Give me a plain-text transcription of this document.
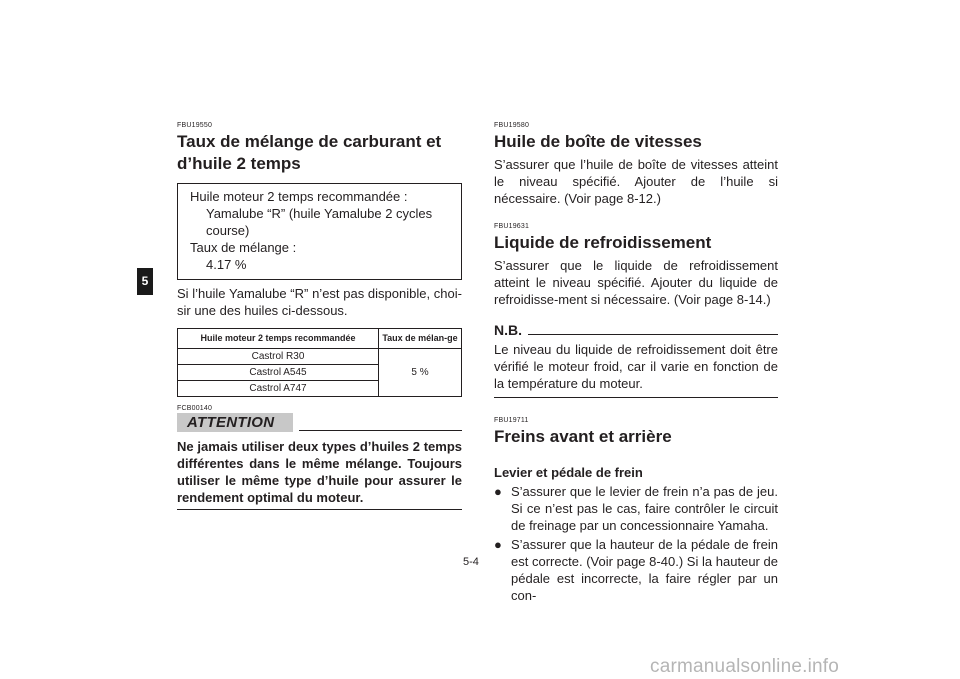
5

FBU19550

Taux de mélange de carburant et d’huile 2 temps
Huile moteur 2 temps recommandée :
Yamalube “R” (huile Yamalube 2 cycles course)
Taux de mélange :
4.17 %

Si l’huile Yamalube “R” n’est pas disponible, choi-sir une des huiles ci-dessous.

Huile moteur 2 temps recommandée	Taux de mélan-ge
Castrol R30	5 %
Castrol A545	
Castrol A747	

FCB00140

ATTENTION
Ne jamais utiliser deux types d’huiles 2 temps différentes dans le même mélange. Toujours utiliser le même type d’huile pour assurer le rendement optimal du moteur.

FBU19580

Huile de boîte de vitesses

S’assurer que l’huile de boîte de vitesses atteint le niveau spécifié. Ajouter de l’huile si nécessaire. (Voir page 8-12.)

FBU19631

Liquide de refroidissement

S’assurer que le liquide de refroidissement atteint le niveau spécifié. Ajouter du liquide de refroidisse-ment si nécessaire. (Voir page 8-14.)

N.B.
Le niveau du liquide de refroidissement doit être vérifié le moteur froid, car il varie en fonction de la température du moteur.

FBU19711

Freins avant et arrière
Levier et pédale de frein
● S’assurer que le levier de frein n’a pas de jeu. Si ce n’est pas le cas, faire contrôler le circuit de freinage par un concessionnaire Yamaha.
● S’assurer que la hauteur de la pédale de frein est correcte. (Voir page 8-40.) Si la hauteur de pédale est incorrecte, la faire régler par un con-
5-4
carmanualsonline.info
